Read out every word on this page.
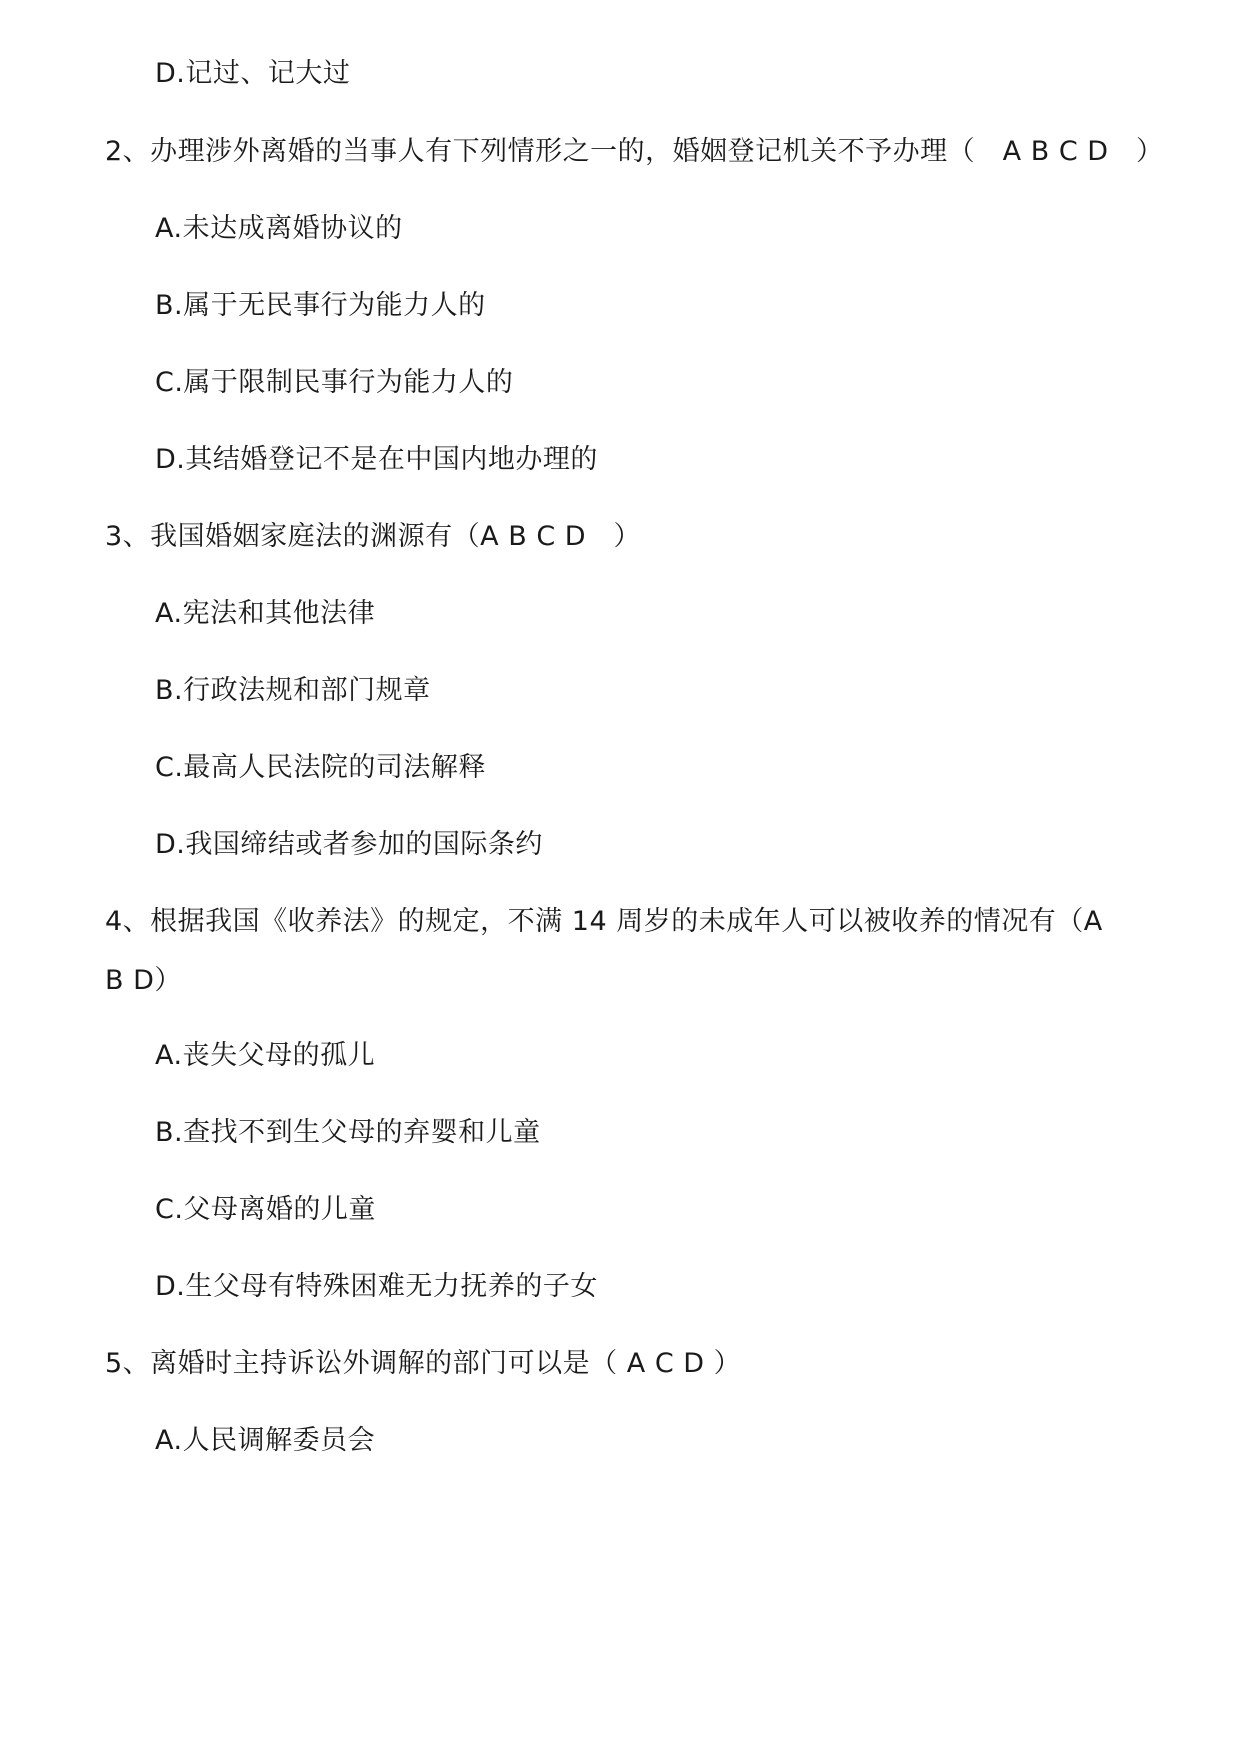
D.记过、记大过
2、办理涉外离婚的当事人有下列情形之一的，婚姻登记机关不予办理（　A B C D　）
A.未达成离婚协议的
B.属于无民事行为能力人的
C.属于限制民事行为能力人的
D.其结婚登记不是在中国内地办理的
3、我国婚姻家庭法的渊源有（A B C D　）
A.宪法和其他法律
B.行政法规和部门规章
C.最高人民法院的司法解释
D.我国缔结或者参加的国际条约
4、根据我国《收养法》的规定，不满 14 周岁的未成年人可以被收养的情况有（A
B D）
A.丧失父母的孤儿
B.查找不到生父母的弃婴和儿童
C.父母离婚的儿童
D.生父母有特殊困难无力抚养的子女
5、离婚时主持诉讼外调解的部门可以是（ A C D ）
A.人民调解委员会
